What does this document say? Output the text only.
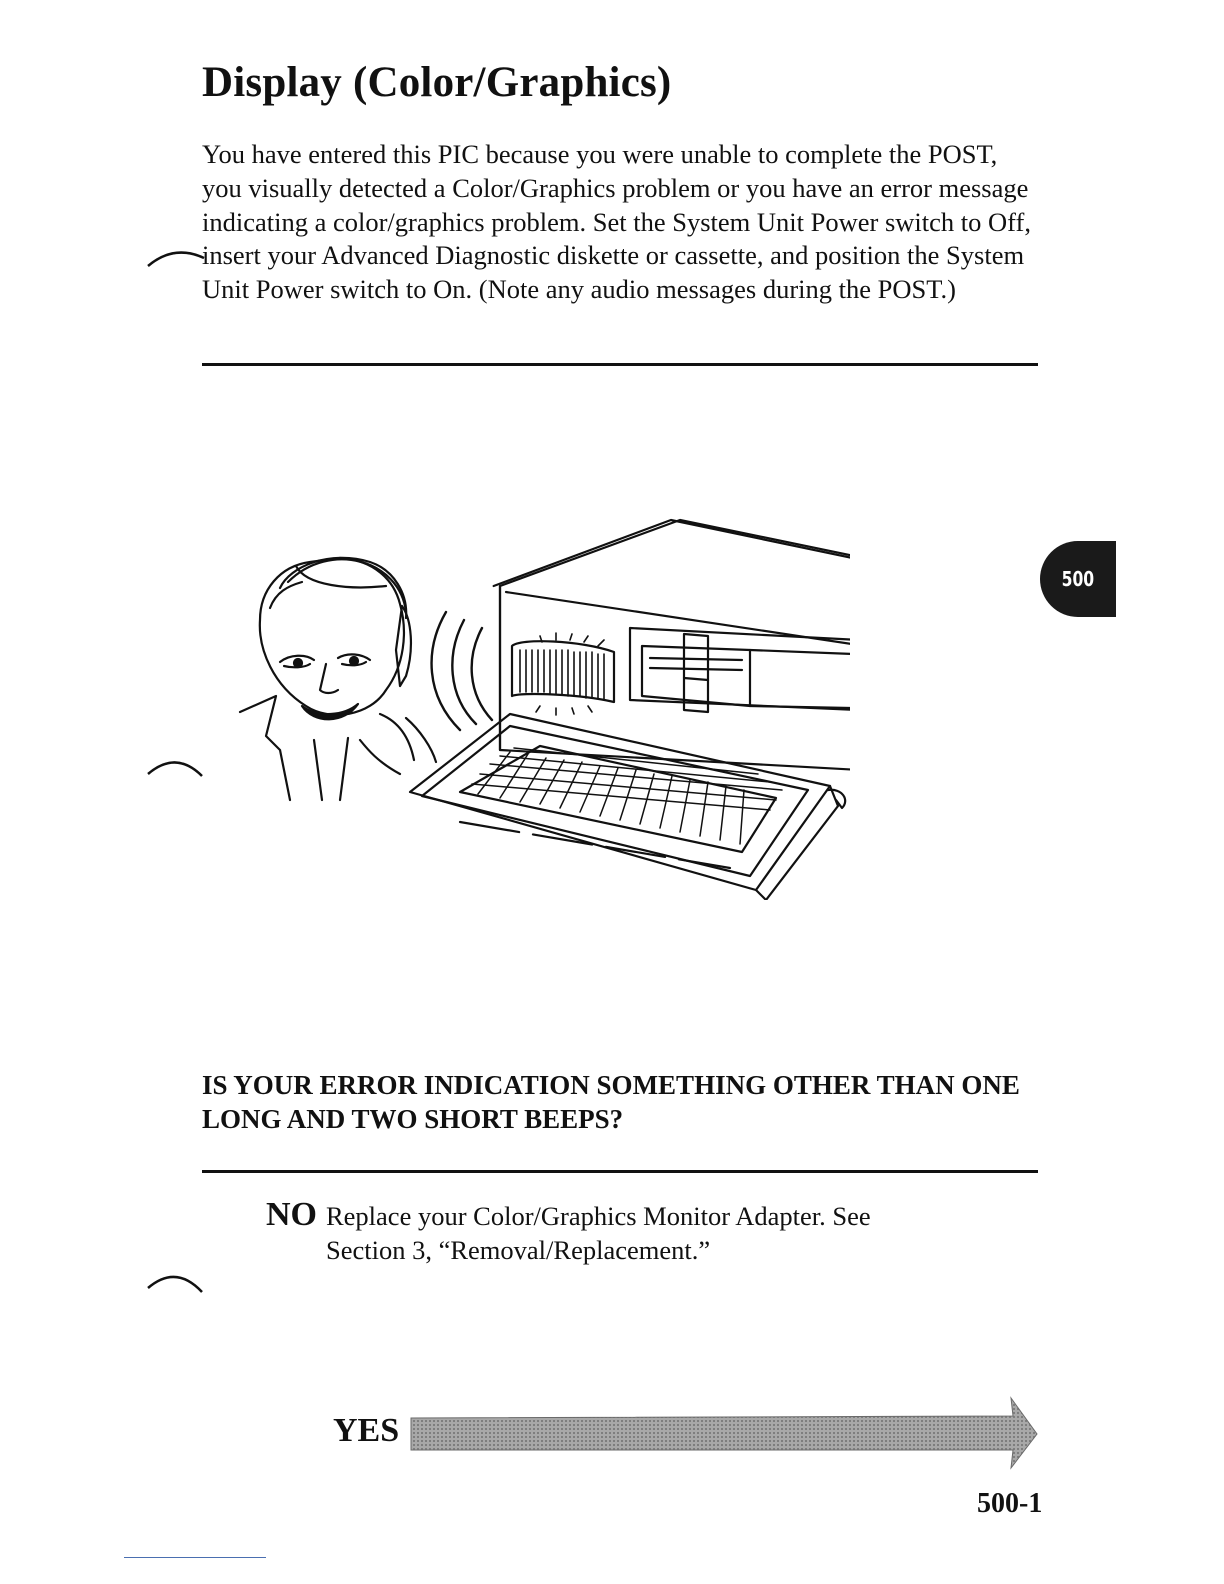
Display (Color/Graphics)

You have entered this PIC because you were unable to complete the POST, you visually detected a Color/Graphics problem or you have an error message indicating a color/graphics problem. Set the System Unit Power switch to Off, insert your Advanced Diagnostic diskette or cassette, and position the System Unit Power switch to On. (Note any audio messages during the POST.)

500

IS YOUR ERROR INDICATION SOMETHING OTHER THAN ONE LONG AND TWO SHORT BEEPS?

NO Replace your Color/Graphics Monitor Adapter. See
Section 3, “Removal/Replacement.”
YES
500-1
